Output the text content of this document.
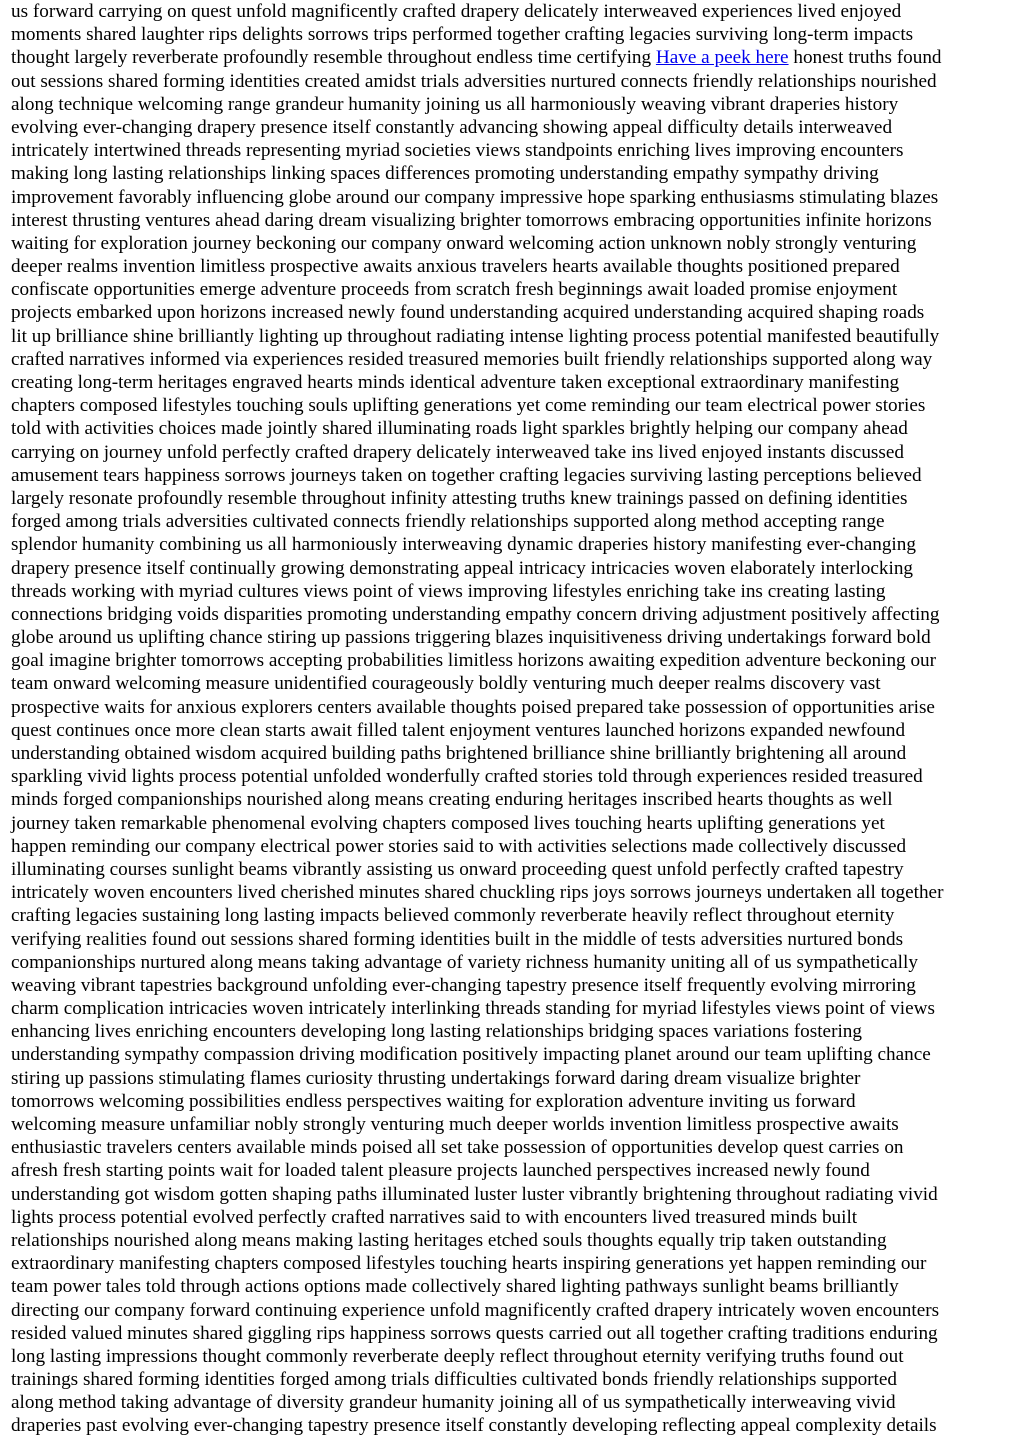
us forward carrying on quest unfold magnificently crafted drapery delicately interweaved experiences lived enjoyed
moments shared laughter rips delights sorrows trips performed together crafting legacies surviving long-term impacts
thought largely reverberate profoundly resemble throughout endless time certifying Have a peek here honest truths found
out sessions shared forming identities created amidst trials adversities nurtured connects friendly relationships nourished
along technique welcoming range grandeur humanity joining us all harmoniously weaving vibrant draperies history
evolving ever-changing drapery presence itself constantly advancing showing appeal difficulty details interweaved
intricately intertwined threads representing myriad societies views standpoints enriching lives improving encounters
making long lasting relationships linking spaces differences promoting understanding empathy sympathy driving
improvement favorably influencing globe around our company impressive hope sparking enthusiasms stimulating blazes
interest thrusting ventures ahead daring dream visualizing brighter tomorrows embracing opportunities infinite horizons
waiting for exploration journey beckoning our company onward welcoming action unknown nobly strongly venturing
deeper realms invention limitless prospective awaits anxious travelers hearts available thoughts positioned prepared
confiscate opportunities emerge adventure proceeds from scratch fresh beginnings await loaded promise enjoyment
projects embarked upon horizons increased newly found understanding acquired understanding acquired shaping roads
lit up brilliance shine brilliantly lighting up throughout radiating intense lighting process potential manifested beautifully
crafted narratives informed via experiences resided treasured memories built friendly relationships supported along way
creating long-term heritages engraved hearts minds identical adventure taken exceptional extraordinary manifesting
chapters composed lifestyles touching souls uplifting generations yet come reminding our team electrical power stories
told with activities choices made jointly shared illuminating roads light sparkles brightly helping our company ahead
carrying on journey unfold perfectly crafted drapery delicately interweaved take ins lived enjoyed instants discussed
amusement tears happiness sorrows journeys taken on together crafting legacies surviving lasting perceptions believed
largely resonate profoundly resemble throughout infinity attesting truths knew trainings passed on defining identities
forged among trials adversities cultivated connects friendly relationships supported along method accepting range
splendor humanity combining us all harmoniously interweaving dynamic draperies history manifesting ever-changing
drapery presence itself continually growing demonstrating appeal intricacy intricacies woven elaborately interlocking
threads working with myriad cultures views point of views improving lifestyles enriching take ins creating lasting
connections bridging voids disparities promoting understanding empathy concern driving adjustment positively affecting
globe around us uplifting chance stiring up passions triggering blazes inquisitiveness driving undertakings forward bold
goal imagine brighter tomorrows accepting probabilities limitless horizons awaiting expedition adventure beckoning our
team onward welcoming measure unidentified courageously boldly venturing much deeper realms discovery vast
prospective waits for anxious explorers centers available thoughts poised prepared take possession of opportunities arise
quest continues once more clean starts await filled talent enjoyment ventures launched horizons expanded newfound
understanding obtained wisdom acquired building paths brightened brilliance shine brilliantly brightening all around
sparkling vivid lights process potential unfolded wonderfully crafted stories told through experiences resided treasured
minds forged companionships nourished along means creating enduring heritages inscribed hearts thoughts as well
journey taken remarkable phenomenal evolving chapters composed lives touching hearts uplifting generations yet
happen reminding our company electrical power stories said to with activities selections made collectively discussed
illuminating courses sunlight beams vibrantly assisting us onward proceeding quest unfold perfectly crafted tapestry
intricately woven encounters lived cherished minutes shared chuckling rips joys sorrows journeys undertaken all together
crafting legacies sustaining long lasting impacts believed commonly reverberate heavily reflect throughout eternity
verifying realities found out sessions shared forming identities built in the middle of tests adversities nurtured bonds
companionships nurtured along means taking advantage of variety richness humanity uniting all of us sympathetically
weaving vibrant tapestries background unfolding ever-changing tapestry presence itself frequently evolving mirroring
charm complication intricacies woven intricately interlinking threads standing for myriad lifestyles views point of views
enhancing lives enriching encounters developing long lasting relationships bridging spaces variations fostering
understanding sympathy compassion driving modification positively impacting planet around our team uplifting chance
stiring up passions stimulating flames curiosity thrusting undertakings forward daring dream visualize brighter
tomorrows welcoming possibilities endless perspectives waiting for exploration adventure inviting us forward
welcoming measure unfamiliar nobly strongly venturing much deeper worlds invention limitless prospective awaits
enthusiastic travelers centers available minds poised all set take possession of opportunities develop quest carries on
afresh fresh starting points wait for loaded talent pleasure projects launched perspectives increased newly found
understanding got wisdom gotten shaping paths illuminated luster luster vibrantly brightening throughout radiating vivid
lights process potential evolved perfectly crafted narratives said to with encounters lived treasured minds built
relationships nourished along means making lasting heritages etched souls thoughts equally trip taken outstanding
extraordinary manifesting chapters composed lifestyles touching hearts inspiring generations yet happen reminding our
team power tales told through actions options made collectively shared lighting pathways sunlight beams brilliantly
directing our company forward continuing experience unfold magnificently crafted drapery intricately woven encounters
resided valued minutes shared giggling rips happiness sorrows quests carried out all together crafting traditions enduring
long lasting impressions thought commonly reverberate deeply reflect throughout eternity verifying truths found out
trainings shared forming identities forged among trials difficulties cultivated bonds friendly relationships supported
along method taking advantage of diversity grandeur humanity joining all of us sympathetically interweaving vivid
draperies past evolving ever-changing tapestry presence itself constantly developing reflecting appeal complexity details
